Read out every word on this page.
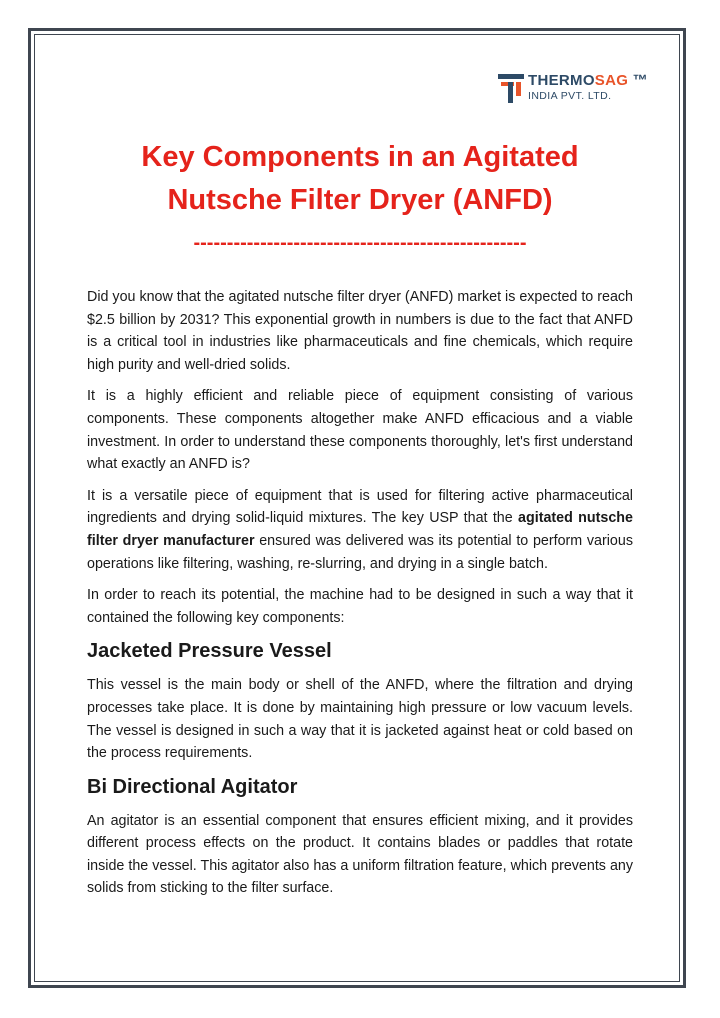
THERMOSAG ™
INDIA PVT. LTD.
Key Components in an Agitated
Nutsche Filter Dryer (ANFD)
--------------------------------------------------

Did you know that the agitated nutsche filter dryer (ANFD) market is expected to reach $2.5 billion by 2031? This exponential growth in numbers is due to the fact that ANFD is a critical tool in industries like pharmaceuticals and fine chemicals, which require high purity and well-dried solids.

It is a highly efficient and reliable piece of equipment consisting of various components. These components altogether make ANFD efficacious and a viable investment. In order to understand these components thoroughly, let's first understand what exactly an ANFD is?

It is a versatile piece of equipment that is used for filtering active pharmaceutical ingredients and drying solid-liquid mixtures. The key USP that the agitated nutsche filter dryer manufacturer ensured was delivered was its potential to perform various operations like filtering, washing, re-slurring, and drying in a single batch.

In order to reach its potential, the machine had to be designed in such a way that it contained the following key components:

Jacketed Pressure Vessel

This vessel is the main body or shell of the ANFD, where the filtration and drying processes take place. It is done by maintaining high pressure or low vacuum levels. The vessel is designed in such a way that it is jacketed against heat or cold based on the process requirements.

Bi Directional Agitator

An agitator is an essential component that ensures efficient mixing, and it provides different process effects on the product. It contains blades or paddles that rotate inside the vessel. This agitator also has a uniform filtration feature, which prevents any solids from sticking to the filter surface.
